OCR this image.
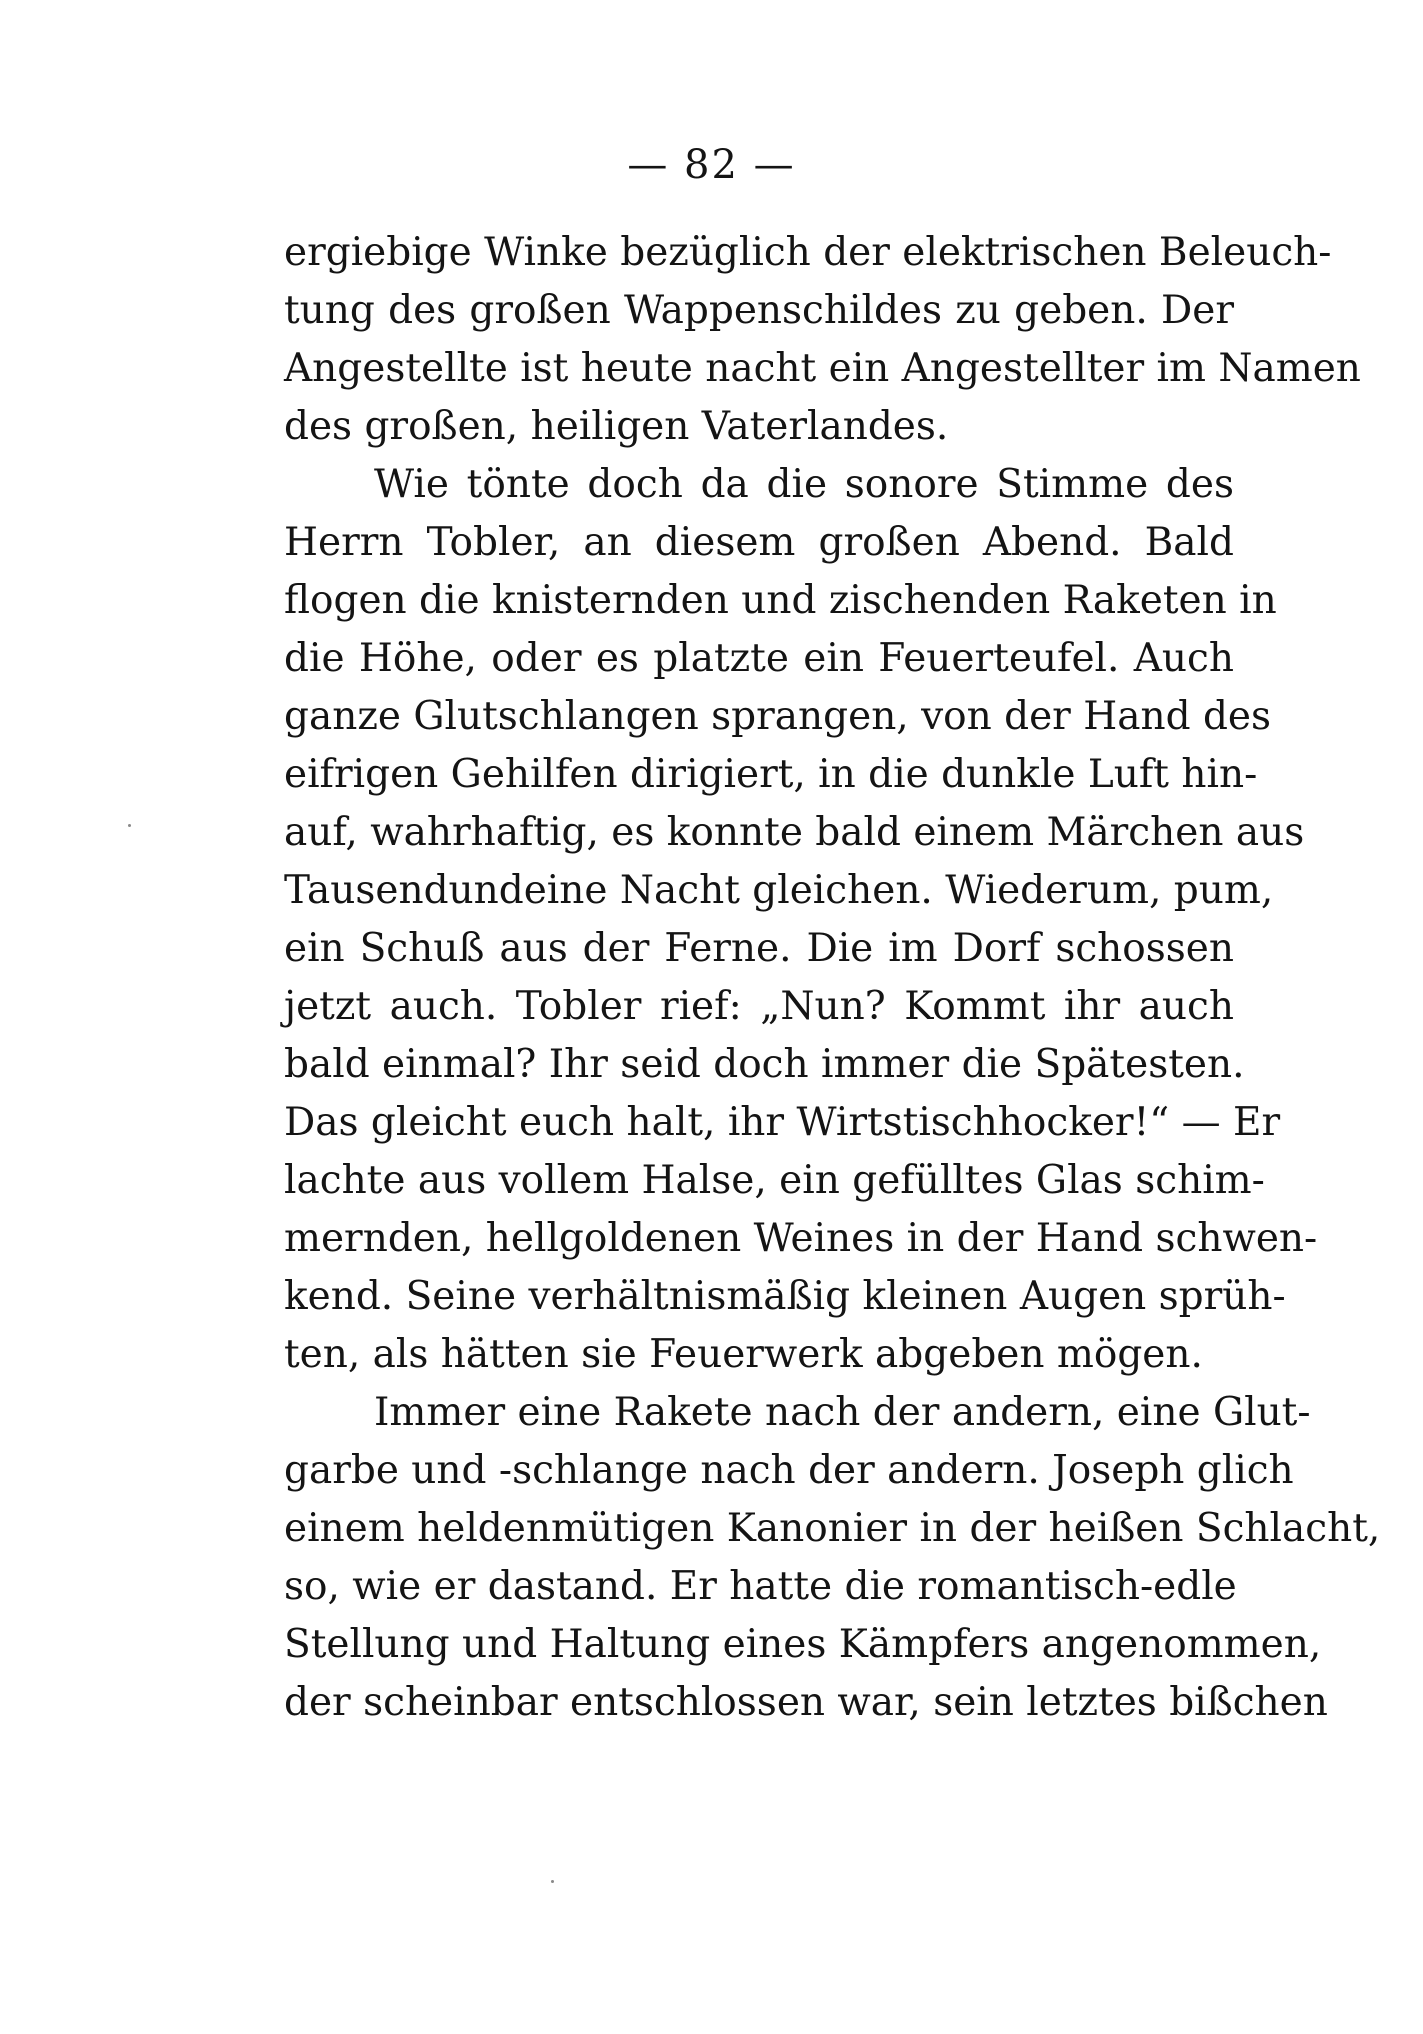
— 82 —
ergiebige Winke bezüglich der elektrischen Beleuch-
tung des großen Wappenschildes zu geben. Der
Angestellte ist heute nacht ein Angestellter im Namen
des großen, heiligen Vaterlandes.
Wie tönte doch da die sonore Stimme des
Herrn Tobler, an diesem großen Abend. Bald
flogen die knisternden und zischenden Raketen in
die Höhe, oder es platzte ein Feuerteufel. Auch
ganze Glutschlangen sprangen, von der Hand des
eifrigen Gehilfen dirigiert, in die dunkle Luft hin-
auf, wahrhaftig, es konnte bald einem Märchen aus
Tausendundeine Nacht gleichen. Wiederum, pum,
ein Schuß aus der Ferne. Die im Dorf schossen
jetzt auch. Tobler rief: „Nun? Kommt ihr auch
bald einmal? Ihr seid doch immer die Spätesten.
Das gleicht euch halt, ihr Wirtstischhocker!“ — Er
lachte aus vollem Halse, ein gefülltes Glas schim-
mernden, hellgoldenen Weines in der Hand schwen-
kend. Seine verhältnismäßig kleinen Augen sprüh-
ten, als hätten sie Feuerwerk abgeben mögen.
Immer eine Rakete nach der andern, eine Glut-
garbe und -schlange nach der andern. Joseph glich
einem heldenmütigen Kanonier in der heißen Schlacht,
so, wie er dastand. Er hatte die romantisch-edle
Stellung und Haltung eines Kämpfers angenommen,
der scheinbar entschlossen war, sein letztes bißchen
